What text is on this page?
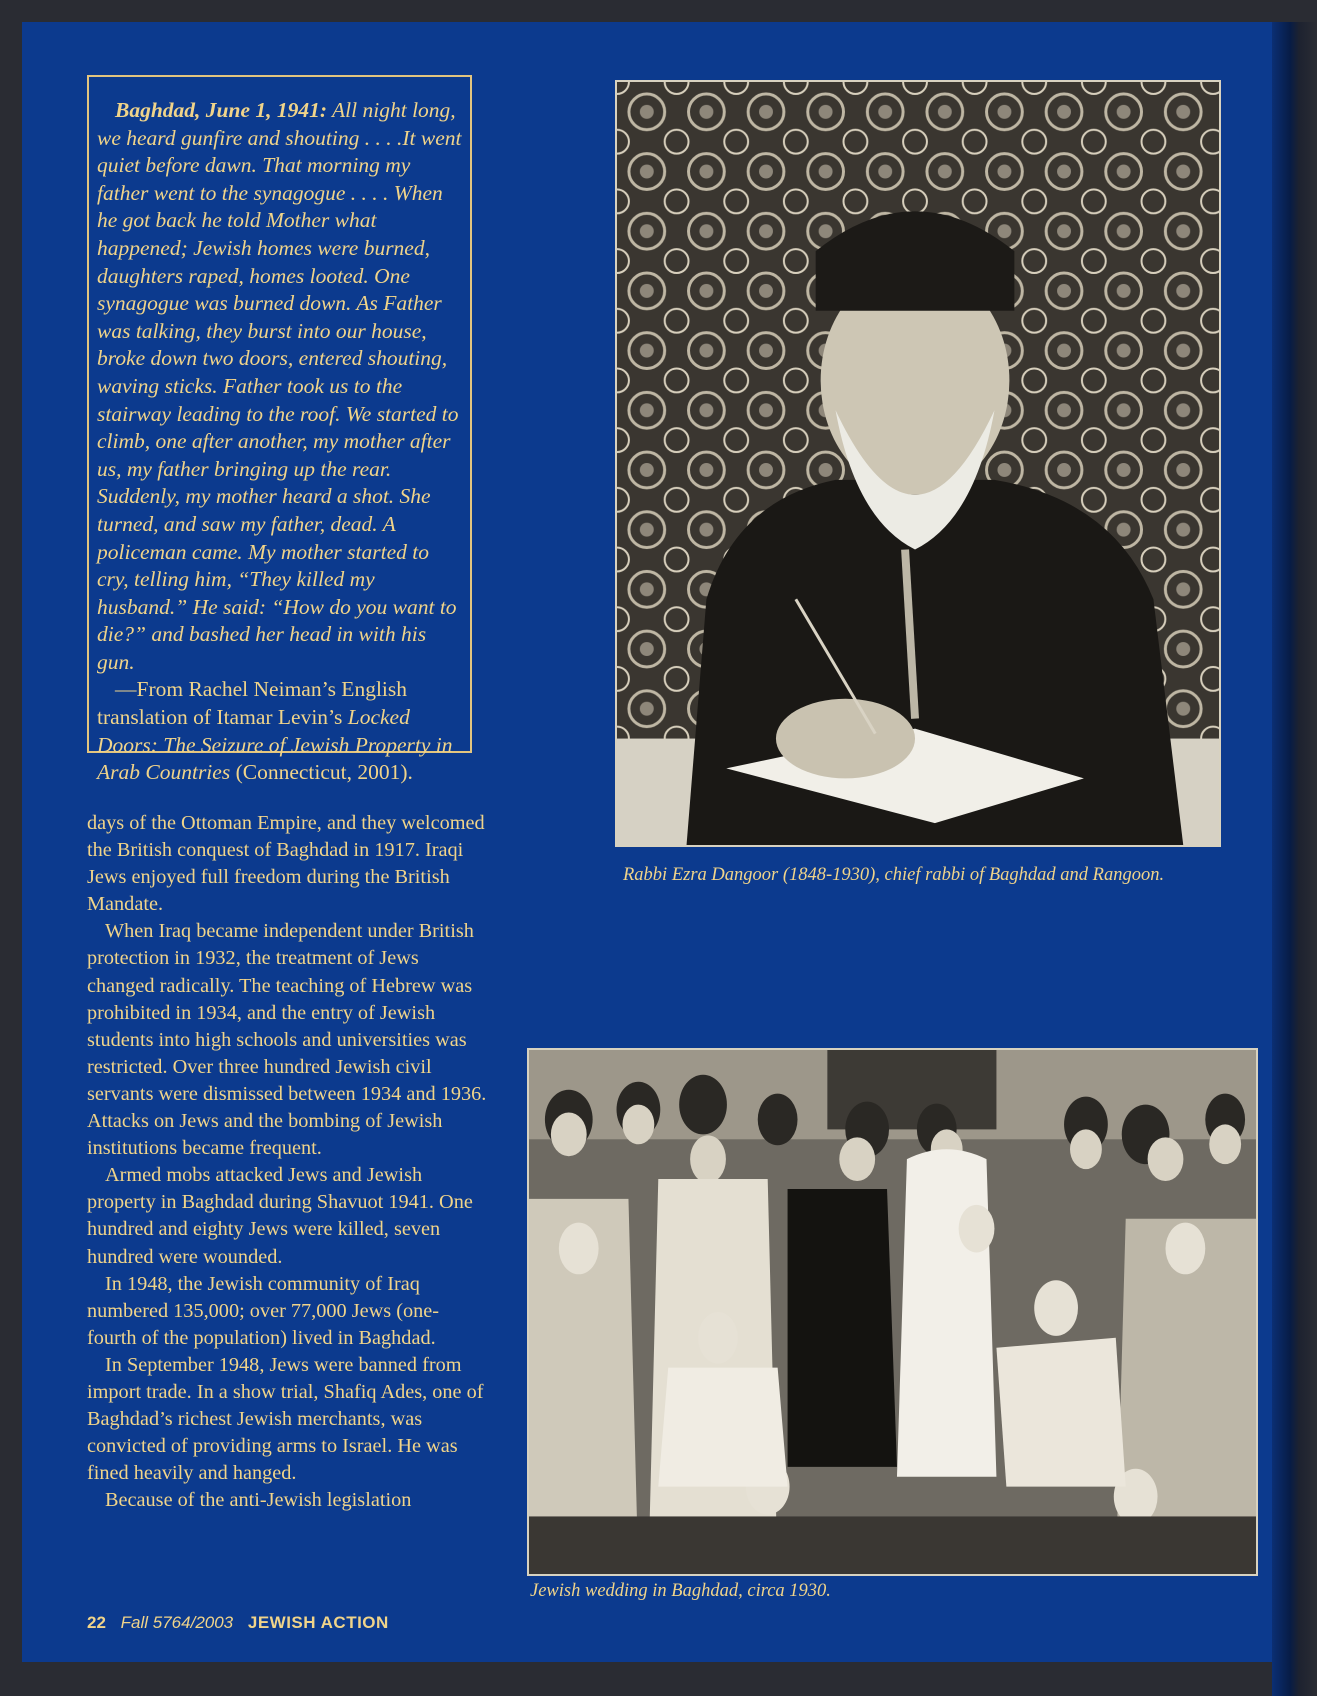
Baghdad, June 1, 1941: All night long, we heard gunfire and shouting . . . .It went quiet before dawn. That morning my father went to the synagogue . . . . When he got back he told Mother what happened; Jewish homes were burned, daughters raped, homes looted. One synagogue was burned down. As Father was talking, they burst into our house, broke down two doors, entered shouting, waving sticks. Father took us to the stairway leading to the roof. We started to climb, one after another, my mother after us, my father bringing up the rear. Suddenly, my mother heard a shot. She turned, and saw my father, dead. A policeman came. My mother started to cry, telling him, “They killed my husband.” He said: “How do you want to die?” and bashed her head in with his gun.

—From Rachel Neiman’s English translation of Itamar Levin’s Locked Doors: The Seizure of Jewish Property in Arab Countries (Connecticut, 2001).

days of the Ottoman Empire, and they welcomed the British conquest of Baghdad in 1917. Iraqi Jews enjoyed full freedom during the British Mandate.

When Iraq became independent under British protection in 1932, the treatment of Jews changed radically. The teaching of Hebrew was prohibited in 1934, and the entry of Jewish students into high schools and universities was restricted. Over three hundred Jewish civil servants were dismissed between 1934 and 1936. Attacks on Jews and the bombing of Jewish institutions became frequent.

Armed mobs attacked Jews and Jewish property in Baghdad during Shavuot 1941. One hundred and eighty Jews were killed, seven hundred were wounded.

In 1948, the Jewish community of Iraq numbered 135,000; over 77,000 Jews (one-fourth of the population) lived in Baghdad.

In September 1948, Jews were banned from import trade. In a show trial, Shafiq Ades, one of Baghdad’s richest Jewish merchants, was convicted of providing arms to Israel. He was fined heavily and hanged.

Because of the anti-Jewish legislation

Rabbi Ezra Dangoor (1848-1930), chief rabbi of Baghdad and Rangoon.
Jewish wedding in Baghdad, circa 1930.
22 Fall 5764/2003 JEWISH ACTION
